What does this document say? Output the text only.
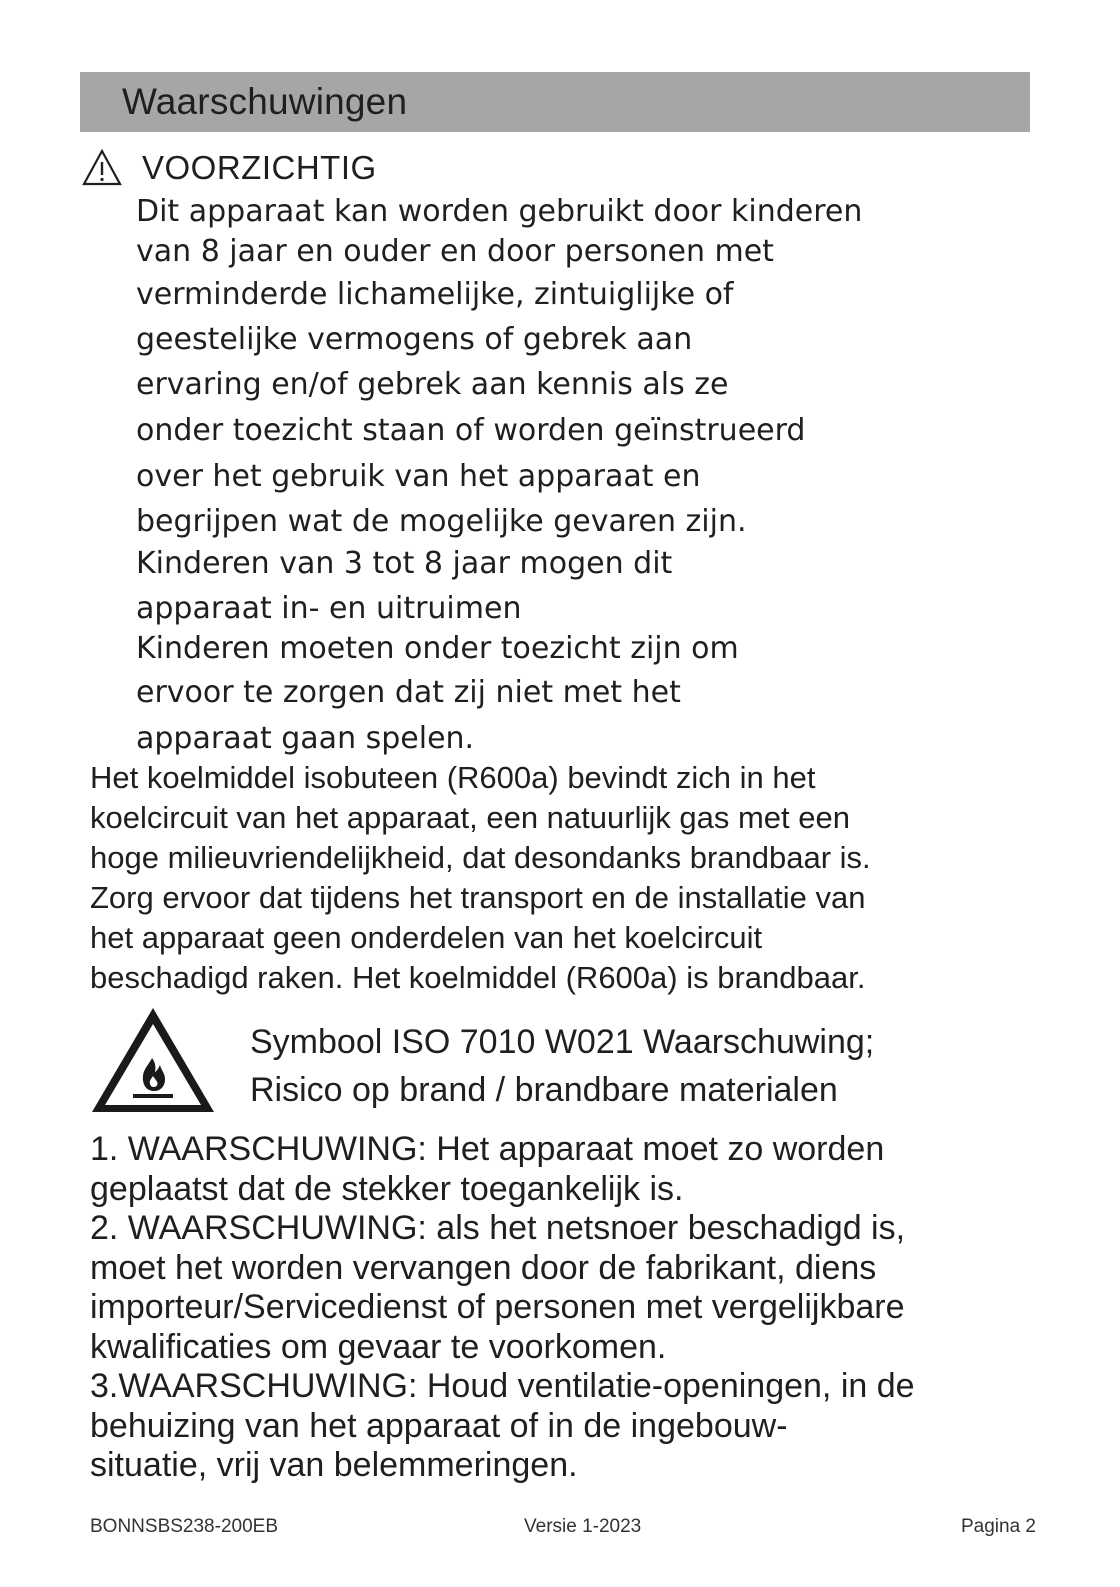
Waarschuwingen
VOORZICHTIG
Dit apparaat kan worden gebruikt door kinderen
van 8 jaar en ouder en door personen met
verminderde lichamelijke, zintuiglijke of
geestelijke vermogens of gebrek aan
ervaring en/of gebrek aan kennis als ze
onder toezicht staan of worden geïnstrueerd
over het gebruik van het apparaat en
begrijpen wat de mogelijke gevaren zijn.
Kinderen van 3 tot 8 jaar mogen dit
apparaat in- en uitruimen
Kinderen moeten onder toezicht zijn om
ervoor te zorgen dat zij niet met het
apparaat gaan spelen.
Het koelmiddel isobuteen (R600a) bevindt zich in het
koelcircuit van het apparaat, een natuurlijk gas met een
hoge milieuvriendelijkheid, dat desondanks brandbaar is.
Zorg ervoor dat tijdens het transport en de installatie van
het apparaat geen onderdelen van het koelcircuit
beschadigd raken. Het koelmiddel (R600a) is brandbaar.
Symbool ISO 7010 W021 Waarschuwing;
Risico op brand / brandbare materialen
1. WAARSCHUWING: Het apparaat moet zo worden
geplaatst dat de stekker toegankelijk is.
2. WAARSCHUWING: als het netsnoer beschadigd is,
moet het worden vervangen door de fabrikant, diens
importeur/Servicedienst of personen met vergelijkbare
kwalificaties om gevaar te voorkomen.
3.WAARSCHUWING: Houd ventilatie-openingen, in de
behuizing van het apparaat of in de ingebouw-
situatie, vrij van belemmeringen.
BONNSBS238-200EB	Versie 1-2023	Pagina 2
